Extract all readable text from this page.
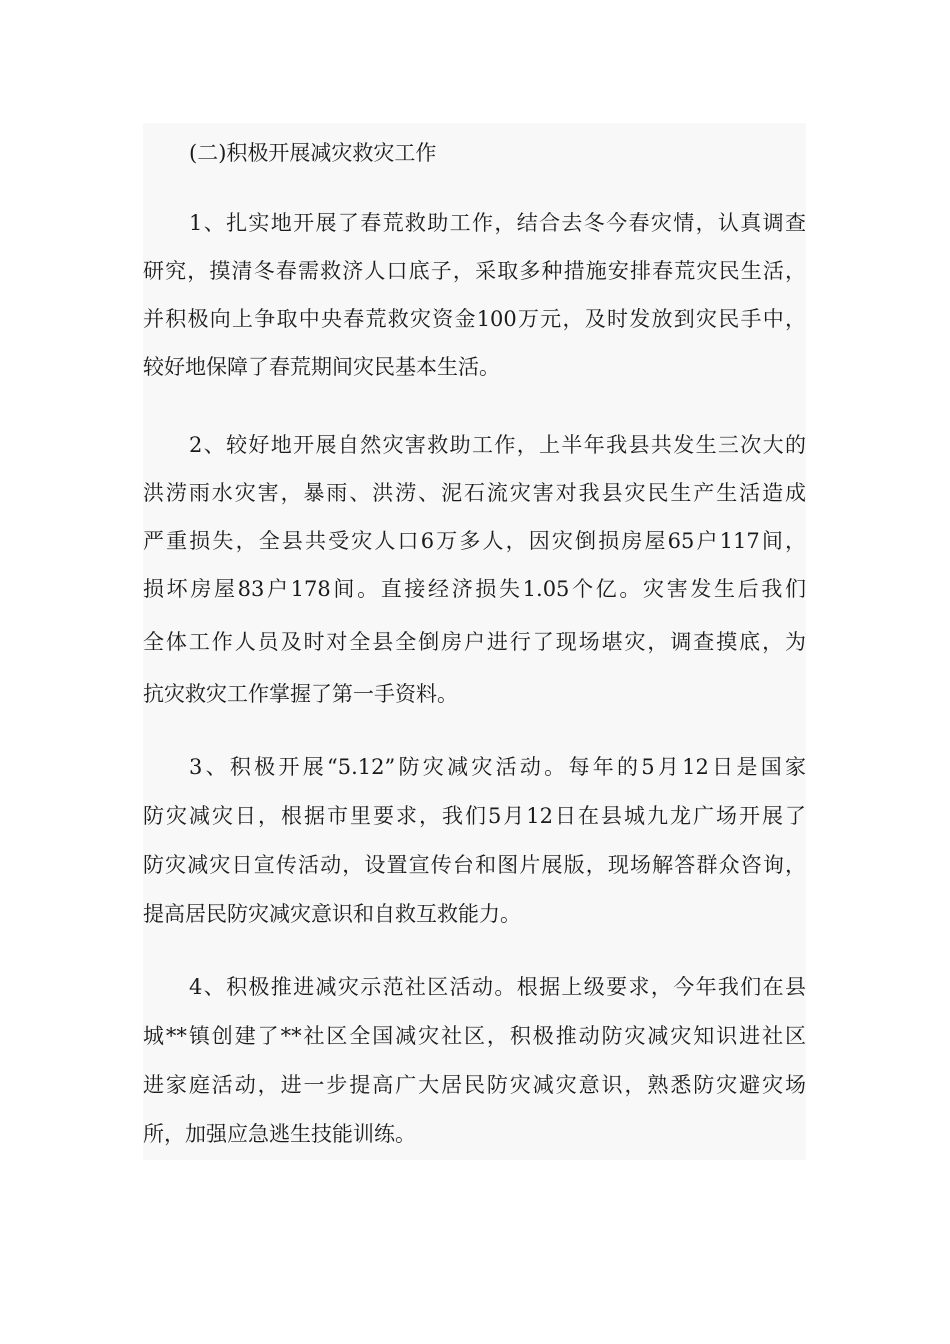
(二)积极开展减灾救灾工作
1、扎实地开展了春荒救助工作，结合去冬今春灾情，认真调查
研究，摸清冬春需救济人口底子，采取多种措施安排春荒灾民生活，
并积极向上争取中央春荒救灾资金100万元，及时发放到灾民手中，
较好地保障了春荒期间灾民基本生活。
2、较好地开展自然灾害救助工作，上半年我县共发生三次大的
洪涝雨水灾害，暴雨、洪涝、泥石流灾害对我县灾民生产生活造成
严重损失，全县共受灾人口6万多人，因灾倒损房屋65户117间，
损坏房屋83户178间。直接经济损失1.05个亿。灾害发生后我们
全体工作人员及时对全县全倒房户进行了现场堪灾，调查摸底，为
抗灾救灾工作掌握了第一手资料。
3、积极开展“5.12”防灾减灾活动。每年的5月12日是国家
防灾减灾日，根据市里要求，我们5月12日在县城九龙广场开展了
防灾减灾日宣传活动，设置宣传台和图片展版，现场解答群众咨询，
提高居民防灾减灾意识和自救互救能力。
4、积极推进减灾示范社区活动。根据上级要求，今年我们在县
城**镇创建了**社区全国减灾社区，积极推动防灾减灾知识进社区
进家庭活动，进一步提高广大居民防灾减灾意识，熟悉防灾避灾场
所，加强应急逃生技能训练。
